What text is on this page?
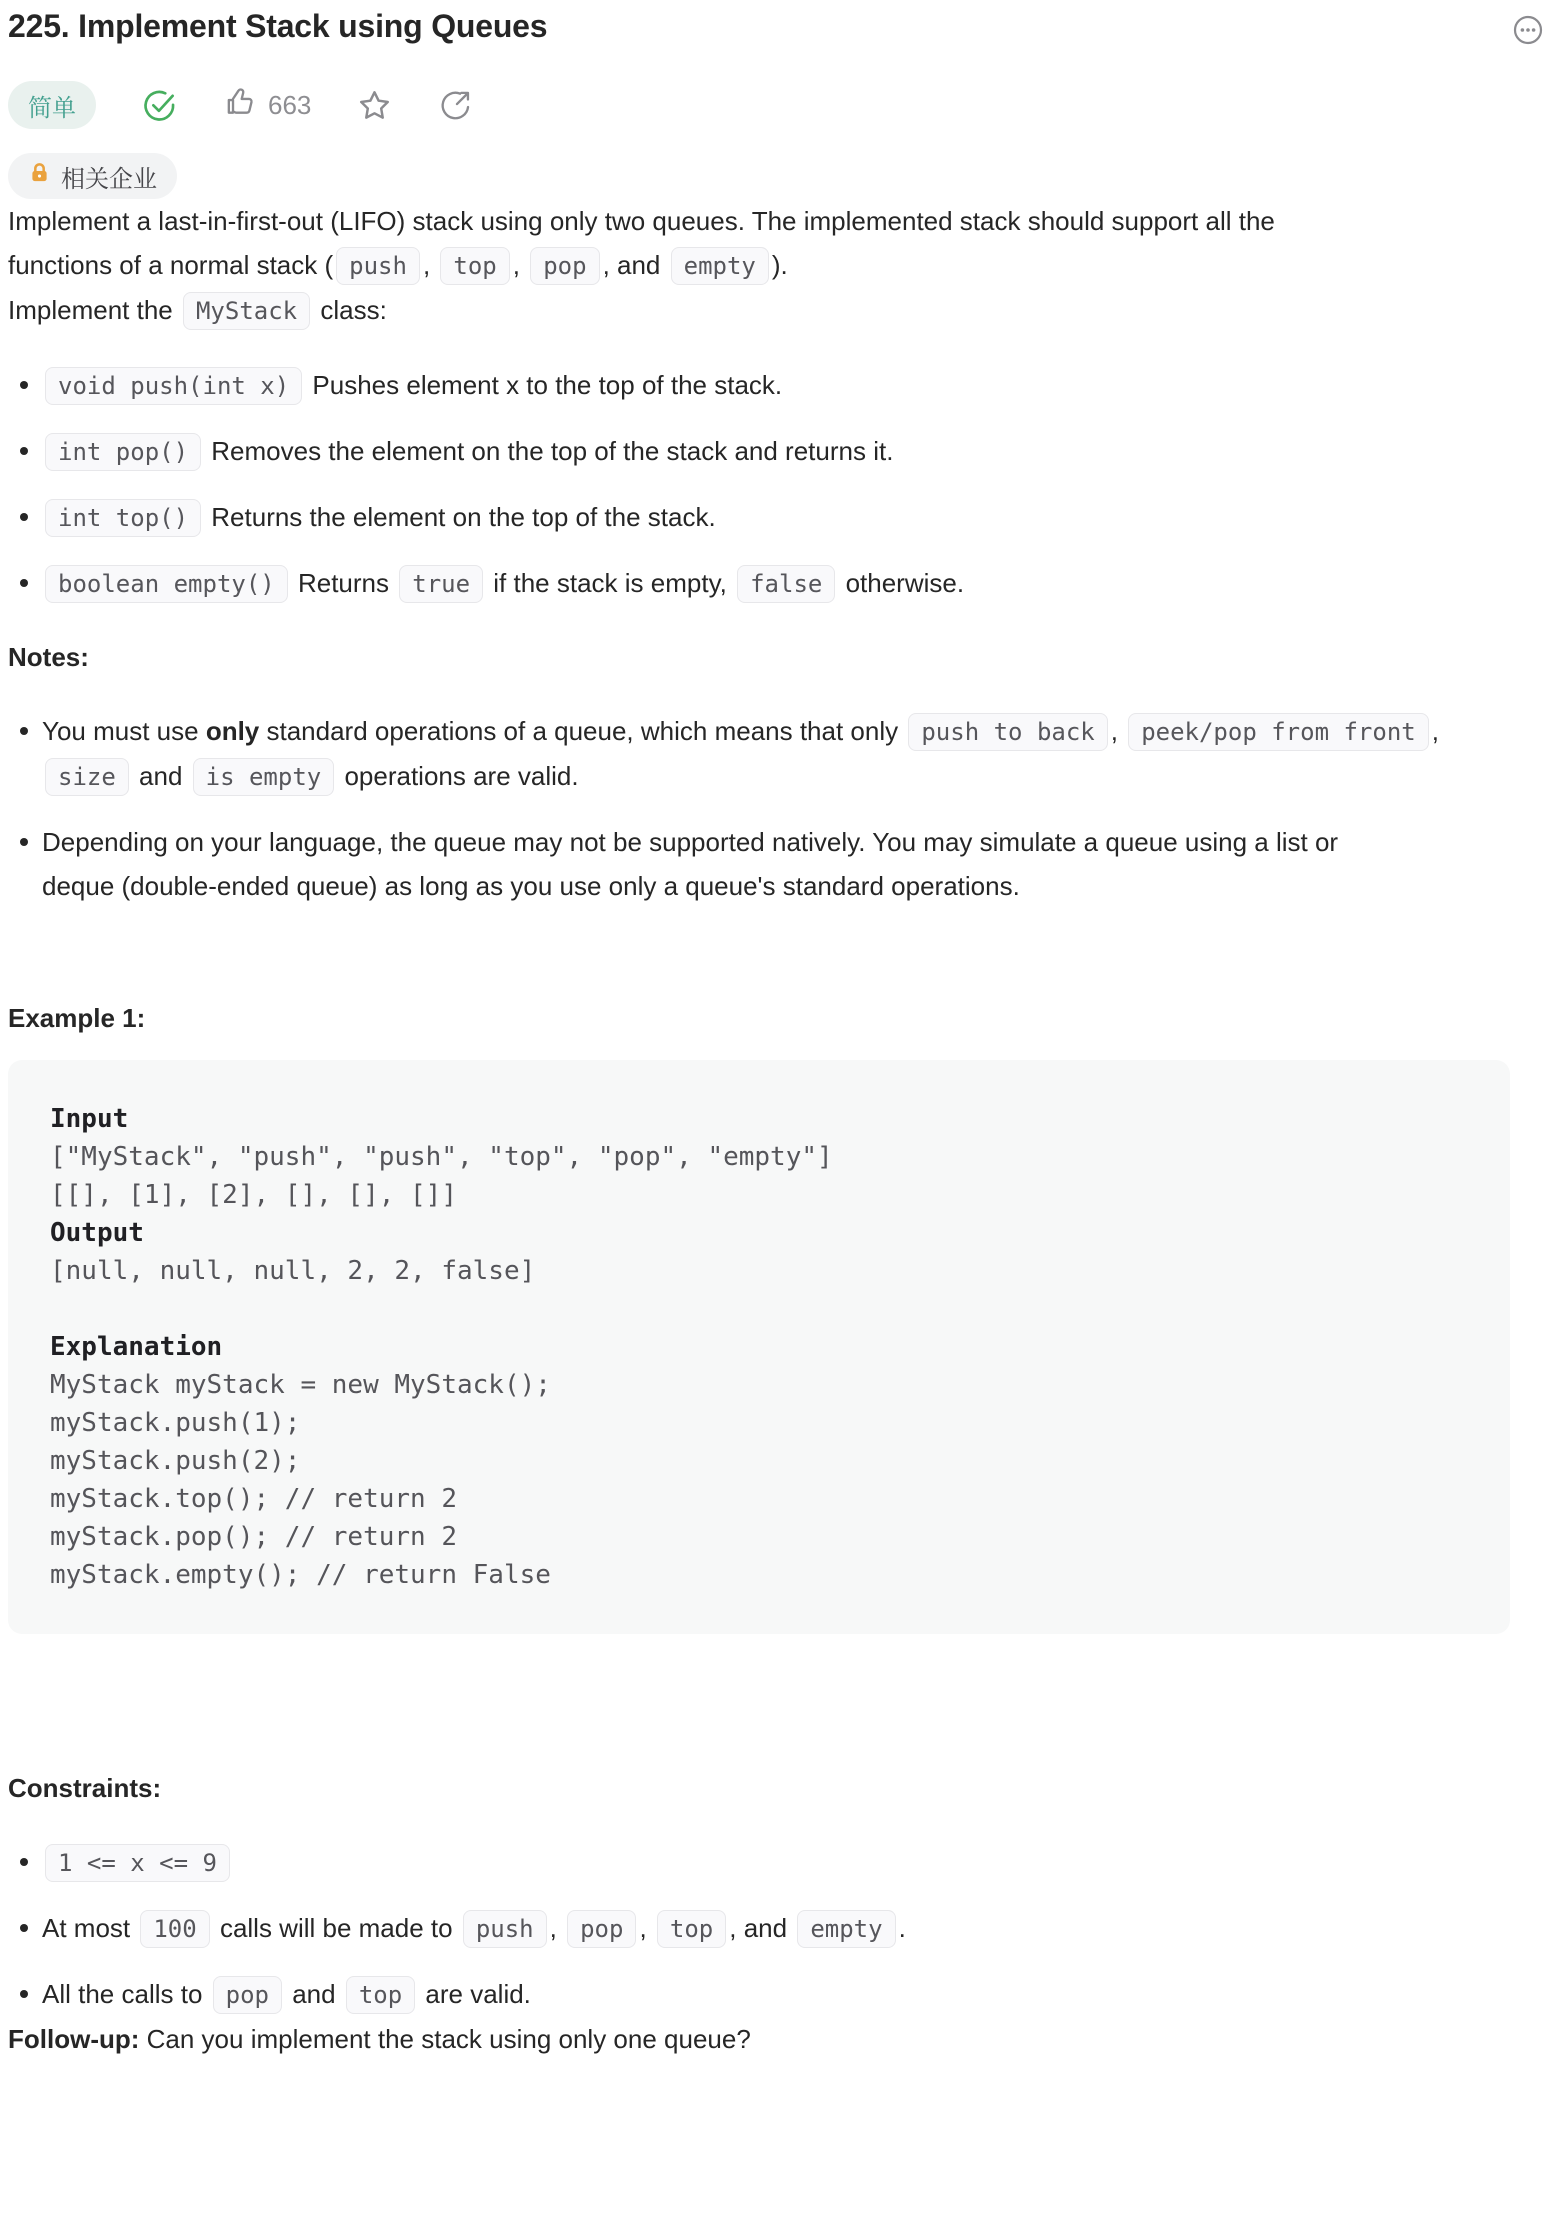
225. Implement Stack using Queues
简单	663
相关企业

Implement a last-in-first-out (LIFO) stack using only two queues. The implemented stack should support all the
functions of a normal stack ( push , top , pop , and empty ).

Implement the MyStack class:

void push(int x) Pushes element x to the top of the stack.
int pop() Removes the element on the top of the stack and returns it.
int top() Returns the element on the top of the stack.
boolean empty() Returns true if the stack is empty, false otherwise.

Notes:

You must use only standard operations of a queue, which means that only push to back , peek/pop from front ,
size and is empty operations are valid.
Depending on your language, the queue may not be supported natively. You may simulate a queue using a list or
deque (double-ended queue) as long as you use only a queue's standard operations.

Example 1:

Input
["MyStack", "push", "push", "top", "pop", "empty"]
[[], [1], [2], [], [], []]
Output
[null, null, null, 2, 2, false]
Explanation
MyStack myStack = new MyStack();
myStack.push(1);
myStack.push(2);
myStack.top(); // return 2
myStack.pop(); // return 2
myStack.empty(); // return False

Constraints:

1 <= x <= 9
At most 100 calls will be made to push , pop , top , and empty .
All the calls to pop and top are valid.

Follow-up: Can you implement the stack using only one queue?
